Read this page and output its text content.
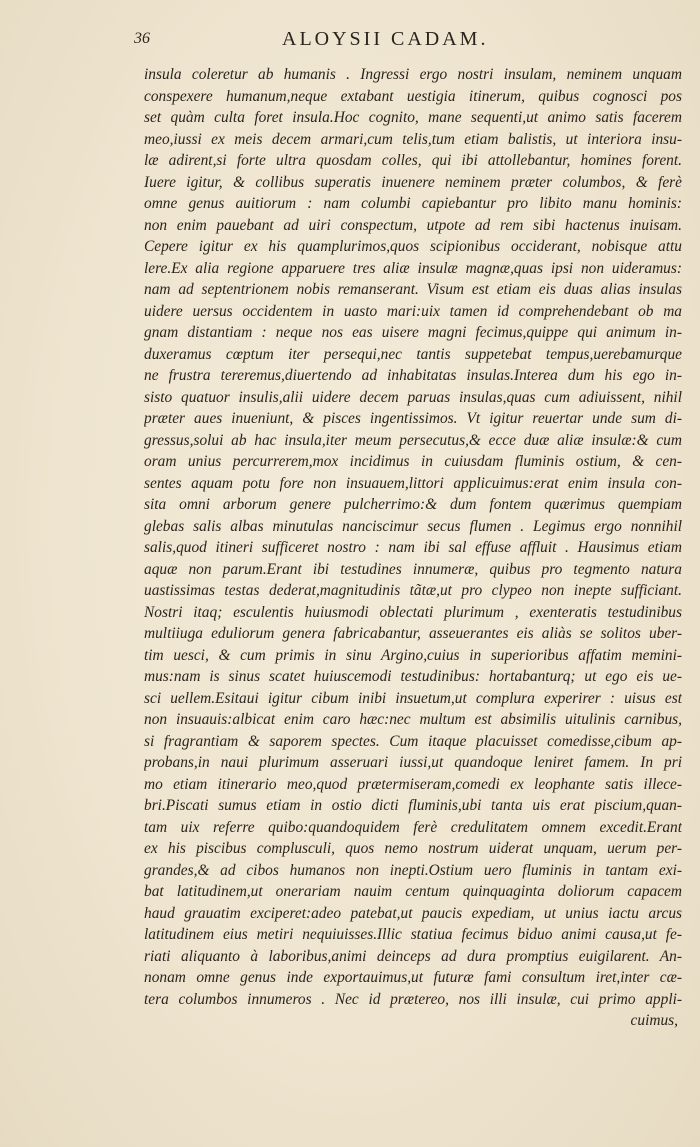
36	ALOYSII CADAM.
insula coleretur ab humanis . Ingressi ergo nostri insulam, neminem unquam
conspexere humanum,neque extabant uestigia itinerum, quibus cognosci pos
set quàm culta foret insula.Hoc cognito, mane sequenti,ut animo satis facerem
meo,iussi ex meis decem armari,cum telis,tum etiam balistis, ut interiora insu-
læ adirent,si forte ultra quosdam colles, qui ibi attollebantur, homines forent.
Iuere igitur, & collibus superatis inuenere neminem præter columbos, & ferè
omne genus auitiorum : nam columbi capiebantur pro libito manu hominis:
non enim pauebant ad uiri conspectum, utpote ad rem sibi hactenus inuisam.
Cepere igitur ex his quamplurimos,quos scipionibus occiderant, nobisque attu
lere.Ex alia regione apparuere tres aliæ insulæ magnæ,quas ipsi non uideramus:
nam ad septentrionem nobis remanserant. Visum est etiam eis duas alias insulas
uidere uersus occidentem in uasto mari:uix tamen id comprehendebant ob ma
gnam distantiam : neque nos eas uisere magni fecimus,quippe qui animum in-
duxeramus cœptum iter persequi,nec tantis suppetebat tempus,uerebamurque
ne frustra tereremus,diuertendo ad inhabitatas insulas.Interea dum his ego in-
sisto quatuor insulis,alii uidere decem paruas insulas,quas cum adiuissent, nihil
præter aues inueniunt, & pisces ingentissimos. Vt igitur reuertar unde sum di-
gressus,solui ab hac insula,iter meum persecutus,& ecce duæ aliæ insulæ:& cum
oram unius percurrerem,mox incidimus in cuiusdam fluminis ostium, & cen-
sentes aquam potu fore non insuauem,littori applicuimus:erat enim insula con-
sita omni arborum genere pulcherrimo:& dum fontem quærimus quempiam
glebas salis albas minutulas nanciscimur secus flumen . Legimus ergo nonnihil
salis,quod itineri sufficeret nostro : nam ibi sal effuse affluit . Hausimus etiam
aquæ non parum.Erant ibi testudines innumeræ, quibus pro tegmento natura
uastissimas testas dederat,magnitudinis tãtæ,ut pro clypeo non inepte sufficiant.
Nostri itaq; esculentis huiusmodi oblectati plurimum , exenteratis testudinibus
multiiuga eduliorum genera fabricabantur, asseuerantes eis aliàs se solitos uber-
tim uesci, & cum primis in sinu Argino,cuius in superioribus affatim memini-
mus:nam is sinus scatet huiuscemodi testudinibus: hortabanturq; ut ego eis ue-
sci uellem.Esitaui igitur cibum inibi insuetum,ut complura experirer : uisus est
non insuauis:albicat enim caro hæc:nec multum est absimilis uitulinis carnibus,
si fragrantiam & saporem spectes. Cum itaque placuisset comedisse,cibum ap-
probans,in naui plurimum asseruari iussi,ut quandoque leniret famem. In pri
mo etiam itinerario meo,quod prætermiseram,comedi ex leophante satis illece-
bri.Piscati sumus etiam in ostio dicti fluminis,ubi tanta uis erat piscium,quan-
tam uix referre quibo:quandoquidem ferè credulitatem omnem excedit.Erant
ex his piscibus complusculi, quos nemo nostrum uiderat unquam, uerum per-
grandes,& ad cibos humanos non inepti.Ostium uero fluminis in tantam exi-
bat latitudinem,ut onerariam nauim centum quinquaginta doliorum capacem
haud grauatim exciperet:adeo patebat,ut paucis expediam, ut unius iactu arcus
latitudinem eius metiri nequiuisses.Illic statiua fecimus biduo animi causa,ut fe-
riati aliquanto à laboribus,animi deinceps ad dura promptius euigilarent. An-
nonam omne genus inde exportauimus,ut futuræ fami consultum iret,inter cæ-
tera columbos innumeros . Nec id prætereo, nos illi insulæ, cui primo appli-
cuimus,
